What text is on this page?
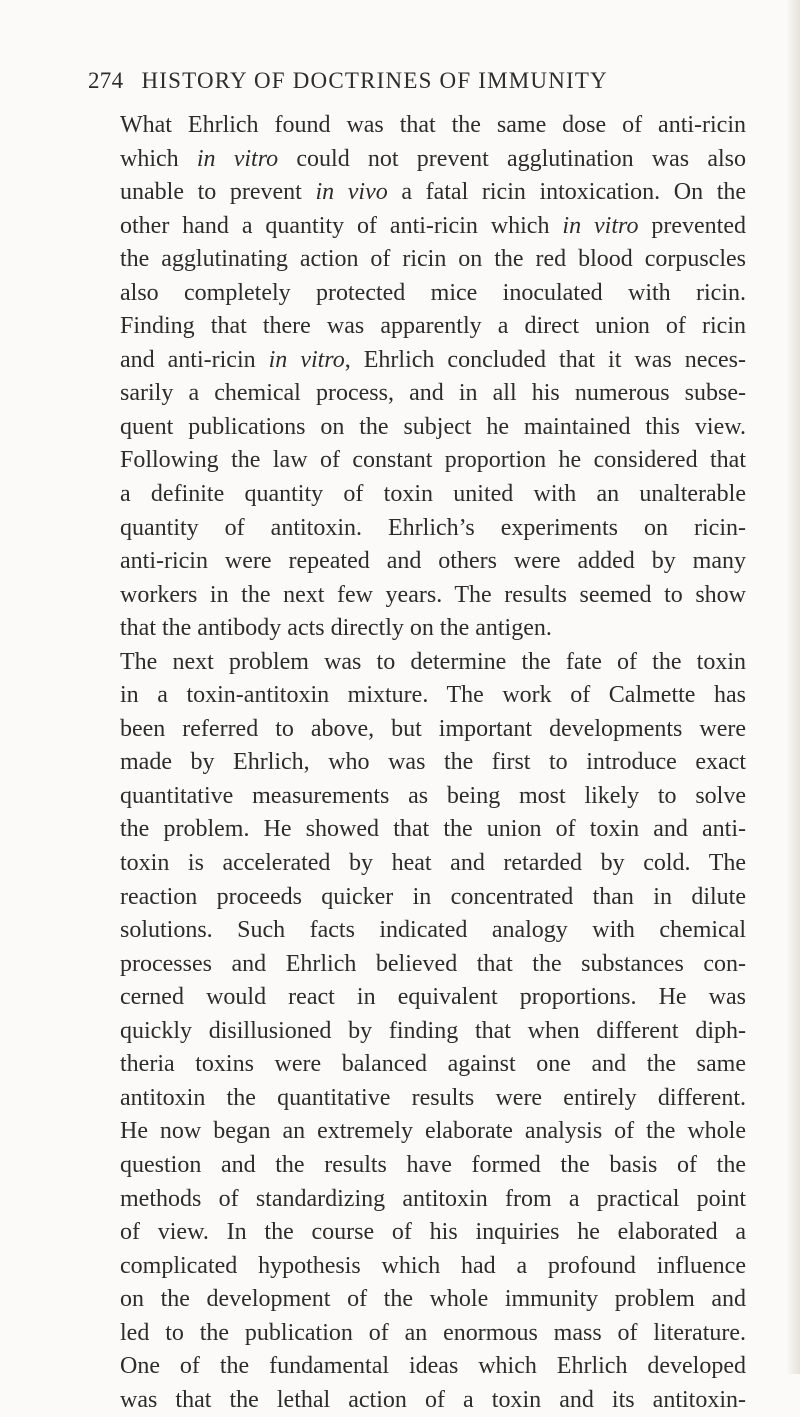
274 HISTORY OF DOCTRINES OF IMMUNITY
What Ehrlich found was that the same dose of anti-ricin
which in vitro could not prevent agglutination was also
unable to prevent in vivo a fatal ricin intoxication. On the
other hand a quantity of anti-ricin which in vitro prevented
the agglutinating action of ricin on the red blood corpuscles
also completely protected mice inoculated with ricin.
Finding that there was apparently a direct union of ricin
and anti-ricin in vitro, Ehrlich concluded that it was neces-
sarily a chemical process, and in all his numerous subse-
quent publications on the subject he maintained this view.
Following the law of constant proportion he considered that
a definite quantity of toxin united with an unalterable
quantity of antitoxin. Ehrlich’s experiments on ricin-
anti-ricin were repeated and others were added by many
workers in the next few years. The results seemed to show
that the antibody acts directly on the antigen.
The next problem was to determine the fate of the toxin
in a toxin-antitoxin mixture. The work of Calmette has
been referred to above, but important developments were
made by Ehrlich, who was the first to introduce exact
quantitative measurements as being most likely to solve
the problem. He showed that the union of toxin and anti-
toxin is accelerated by heat and retarded by cold. The
reaction proceeds quicker in concentrated than in dilute
solutions. Such facts indicated analogy with chemical
processes and Ehrlich believed that the substances con-
cerned would react in equivalent proportions. He was
quickly disillusioned by finding that when different diph-
theria toxins were balanced against one and the same
antitoxin the quantitative results were entirely different.
He now began an extremely elaborate analysis of the whole
question and the results have formed the basis of the
methods of standardizing antitoxin from a practical point
of view. In the course of his inquiries he elaborated a
complicated hypothesis which had a profound influence
on the development of the whole immunity problem and
led to the publication of an enormous mass of literature.
One of the fundamental ideas which Ehrlich developed
was that the lethal action of a toxin and its antitoxin-
